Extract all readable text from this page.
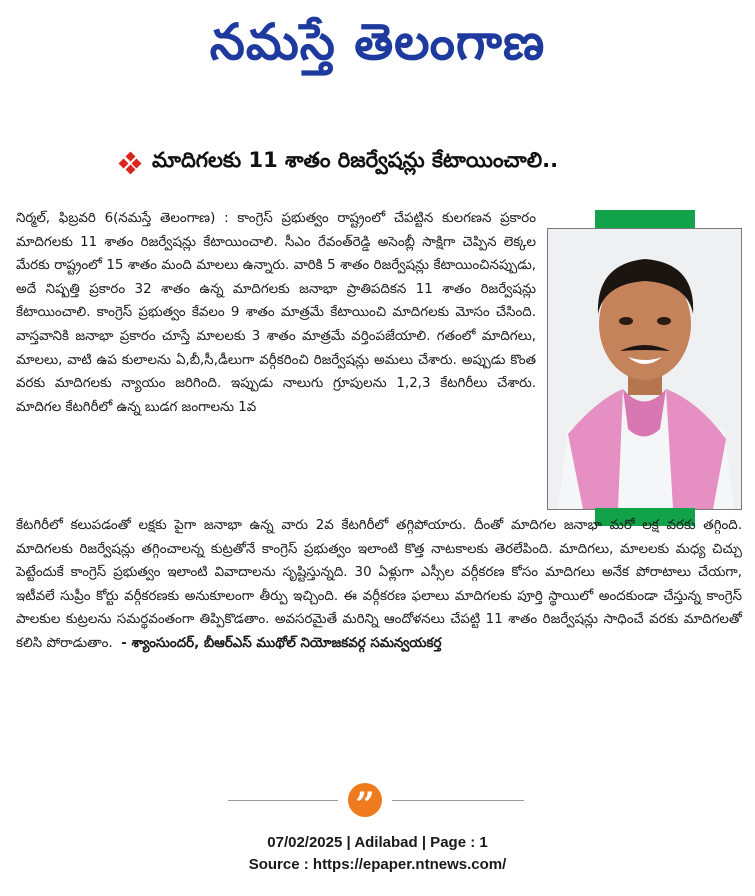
నమస్తే తెలంగాణ
మాదిగలకు 11 శాతం రిజర్వేషన్లు కేటాయించాలి..

నిర్మల్‌, ఫిబ్రవరి 6(నమస్తే తెలంగాణ) : కాంగ్రెస్‌ ప్రభుత్వం రాష్ట్రంలో చేపట్టిన కులగణన ప్రకారం మాదిగలకు 11 శాతం రిజర్వేషన్లు కేటాయించాలి. సీఎం రేవంత్‌రెడ్డి అసెంబ్లీ సాక్షిగా చెప్పిన లెక్కల మేరకు రాష్ట్రంలో 15 శాతం మంది మాలలు ఉన్నారు. వారికి 5 శాతం రిజర్వేషన్లు కేటాయించినప్పుడు, అదే నిష్పత్తి ప్రకారం 32 శాతం ఉన్న మాదిగలకు జనాభా ప్రాతిపదికన 11 శాతం రిజర్వేషన్లు కేటాయించాలి. కాంగ్రెస్‌ ప్రభుత్వం కేవలం 9 శాతం మాత్రమే కేటాయించి మాదిగలకు మోసం చేసింది. వాస్తవానికి జనాభా ప్రకారం చూస్తే మాలలకు 3 శాతం మాత్రమే వర్తింపజేయాలి. గతంలో మాదిగలు, మాలలు, వాటి ఉప కులాలను ఏ,బీ,సీ,డీలుగా వర్గీకరించి రిజర్వేషన్లు అమలు చేశారు. అప్పుడు కొంత వరకు మాదిగలకు న్యాయం జరిగింది. ఇప్పుడు నాలుగు గ్రూపులను 1,2,3 కేటగిరీలు చేశారు. మాదిగల కేటగిరీలో ఉన్న బుడగ జంగాలను 1వ

కేటగిరీలో కలుపడంతో లక్షకు పైగా జనాభా ఉన్న వారు 2వ కేటగిరీలో తగ్గిపోయారు. దీంతో మాదిగల జనాభా మరో లక్ష వరకు తగ్గింది. మాదిగలకు రిజర్వేషన్లు తగ్గించాలన్న కుట్రతోనే కాంగ్రెస్‌ ప్రభుత్వం ఇలాంటి కొత్త నాటకాలకు తెరలేపింది. మాదిగలు, మాలలకు మధ్య చిచ్చు పెట్టేందుకే కాంగ్రెస్‌ ప్రభుత్వం ఇలాంటి వివాదాలను సృష్టిస్తున్నది. 30 ఏళ్లుగా ఎస్సీల వర్గీకరణ కోసం మాదిగలు అనేక పోరాటాలు చేయగా, ఇటీవలే సుప్రీం కోర్టు వర్గీకరణకు అనుకూలంగా తీర్పు ఇచ్చింది. ఈ వర్గీకరణ ఫలాలు మాదిగలకు పూర్తి స్థాయిలో అందకుండా చేస్తున్న కాంగ్రెస్‌ పాలకుల కుట్రలను సమర్థవంతంగా తిప్పికొడతాం. అవసరమైతే మరిన్ని ఆందోళనలు చేపట్టి 11 శాతం రిజర్వేషన్లు సాధించే వరకు మాదిగలతో కలిసి పోరాడుతాం. - శ్యాంసుందర్‌, బీఆర్‌ఎస్‌ ముథోల్‌ నియోజకవర్గ సమన్వయకర్త

”
07/02/2025 | Adilabad | Page : 1
Source : https://epaper.ntnews.com/
